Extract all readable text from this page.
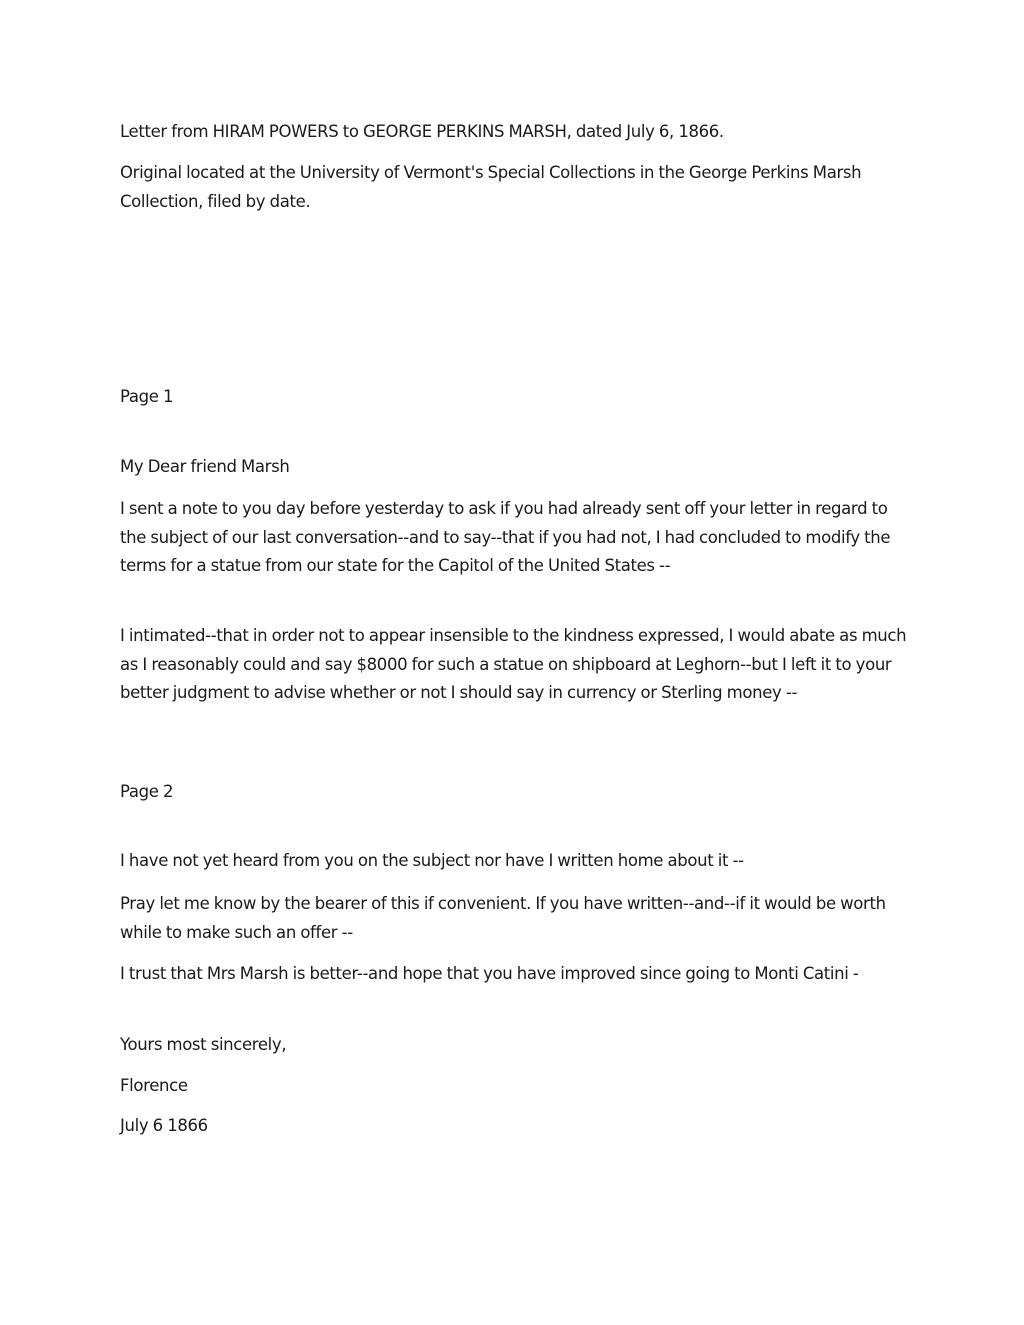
Letter from HIRAM POWERS to GEORGE PERKINS MARSH, dated July 6, 1866.

Original located at the University of Vermont's Special Collections in the George Perkins Marsh Collection, filed by date.

Page 1

My Dear friend Marsh

I sent a note to you day before yesterday to ask if you had already sent off your letter in regard to the subject of our last conversation--and to say--that if you had not, I had concluded to modify the terms for a statue from our state for the Capitol of the United States --

I intimated--that in order not to appear insensible to the kindness expressed, I would abate as much as I reasonably could and say $8000 for such a statue on shipboard at Leghorn--but I left it to your better judgment to advise whether or not I should say in currency or Sterling money --

Page 2

I have not yet heard from you on the subject nor have I written home about it --

Pray let me know by the bearer of this if convenient. If you have written--and--if it would be worth while to make such an offer --

I trust that Mrs Marsh is better--and hope that you have improved since going to Monti Catini -

Yours most sincerely,

Florence

July 6 1866
